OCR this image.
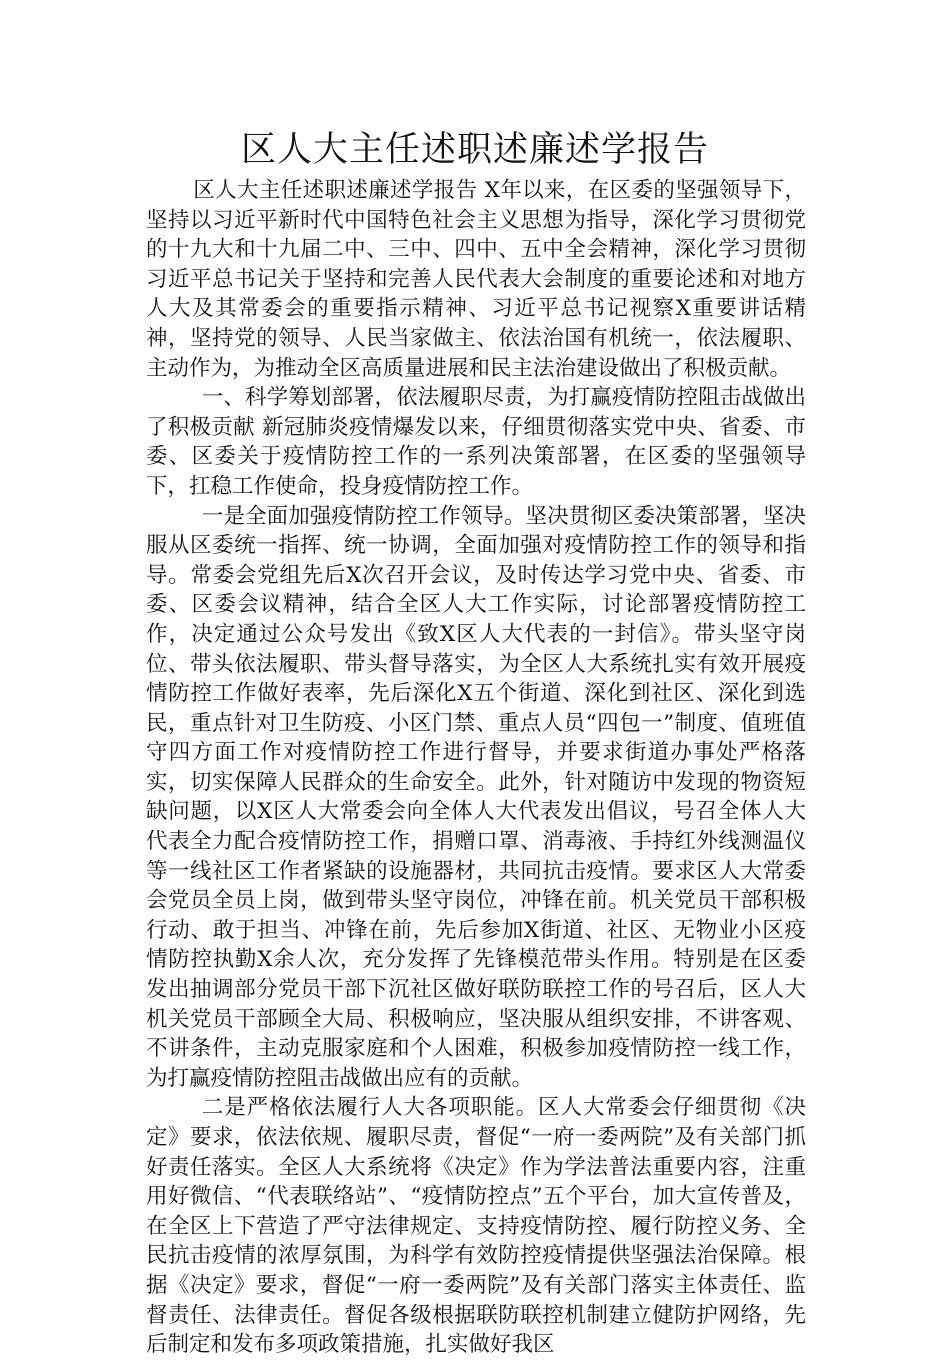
区人大主任述职述廉述学报告

区人大主任述职述廉述学报告 X年以来，在区委的坚强领导下，坚持以习近平新时代中国特色社会主义思想为指导，深化学习贯彻党的十九大和十九届二中、三中、四中、五中全会精神，深化学习贯彻习近平总书记关于坚持和完善人民代表大会制度的重要论述和对地方人大及其常委会的重要指示精神、习近平总书记视察X重要讲话精神，坚持党的领导、人民当家做主、依法治国有机统一，依法履职、主动作为，为推动全区高质量进展和民主法治建设做出了积极贡献。

一、科学筹划部署，依法履职尽责，为打赢疫情防控阻击战做出了积极贡献 新冠肺炎疫情爆发以来，仔细贯彻落实党中央、省委、市委、区委关于疫情防控工作的一系列决策部署，在区委的坚强领导下，扛稳工作使命，投身疫情防控工作。

一是全面加强疫情防控工作领导。坚决贯彻区委决策部署，坚决服从区委统一指挥、统一协调，全面加强对疫情防控工作的领导和指导。常委会党组先后X次召开会议，及时传达学习党中央、省委、市委、区委会议精神，结合全区人大工作实际，讨论部署疫情防控工作，决定通过公众号发出《致X区人大代表的一封信》。带头坚守岗位、带头依法履职、带头督导落实，为全区人大系统扎实有效开展疫情防控工作做好表率，先后深化X五个街道、深化到社区、深化到选民，重点针对卫生防疫、小区门禁、重点人员“四包一”制度、值班值守四方面工作对疫情防控工作进行督导，并要求街道办事处严格落实，切实保障人民群众的生命安全。此外，针对随访中发现的物资短缺问题，以X区人大常委会向全体人大代表发出倡议，号召全体人大代表全力配合疫情防控工作，捐赠口罩、消毒液、手持红外线测温仪等一线社区工作者紧缺的设施器材，共同抗击疫情。要求区人大常委会党员全员上岗，做到带头坚守岗位，冲锋在前。机关党员干部积极行动、敢于担当、冲锋在前，先后参加X街道、社区、无物业小区疫情防控执勤X余人次，充分发挥了先锋模范带头作用。特别是在区委发出抽调部分党员干部下沉社区做好联防联控工作的号召后，区人大机关党员干部顾全大局、积极响应，坚决服从组织安排，不讲客观、不讲条件，主动克服家庭和个人困难，积极参加疫情防控一线工作，为打赢疫情防控阻击战做出应有的贡献。

二是严格依法履行人大各项职能。区人大常委会仔细贯彻《决定》要求，依法依规、履职尽责，督促“一府一委两院”及有关部门抓好责任落实。全区人大系统将《决定》作为学法普法重要内容，注重用好微信、“代表联络站”、“疫情防控点”五个平台，加大宣传普及，在全区上下营造了严守法律规定、支持疫情防控、履行防控义务、全民抗击疫情的浓厚氛围，为科学有效防控疫情提供坚强法治保障。根据《决定》要求，督促“一府一委两院”及有关部门落实主体责任、监督责任、法律责任。督促各级根据联防联控机制建立健防护网络，先后制定和发布多项政策措施，扎实做好我区
